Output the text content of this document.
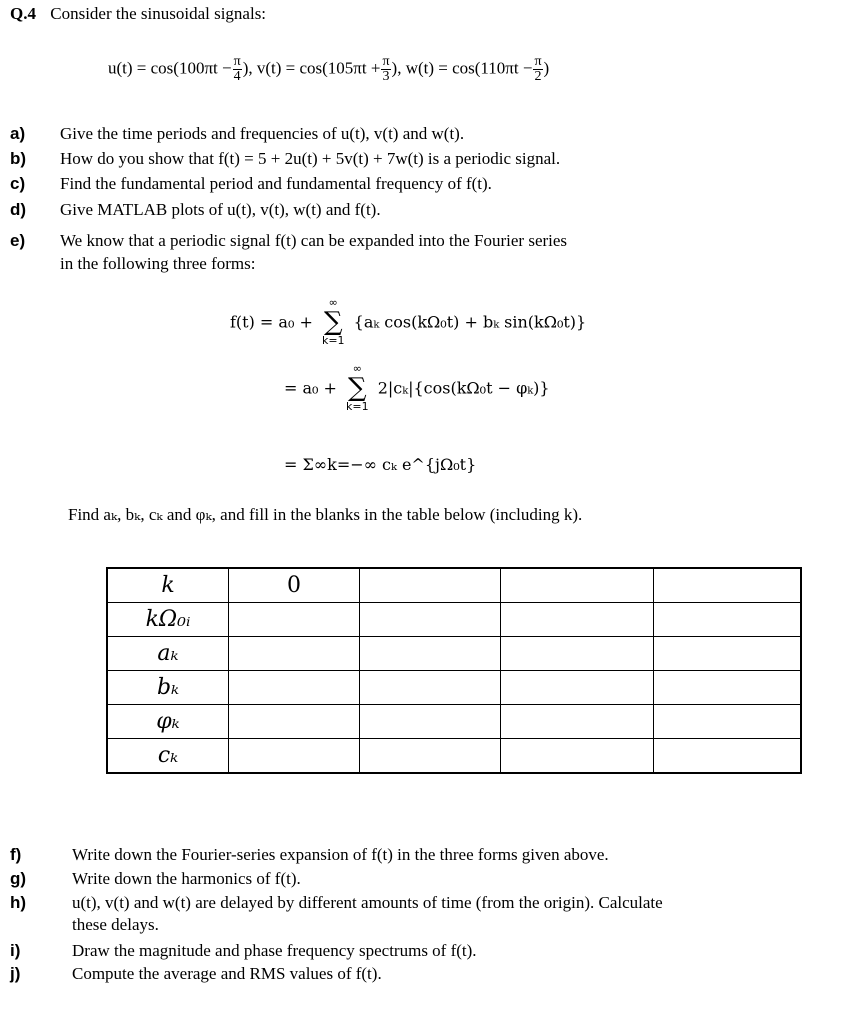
Q.4 Consider the sinusoidal signals:
$u(t) = \cos(100\pi t - \frac{\pi}{4}$ ), $v(t) = \cos(105\pi t + \frac{\pi}{3}$ ), $w(t) = \cos(110\pi t - \frac{\pi}{2}$ )
a) Give the time periods and frequencies of u(t), v(t) and w(t).
b) How do you show that f(t) = 5 + 2u(t) + 5v(t) + 7w(t) is a periodic signal.
c) Find the fundamental period and fundamental frequency of f(t).
d) Give MATLAB plots of u(t), v(t), w(t) and f(t).
e) We know that a periodic signal f(t) can be expanded into the Fourier series
in the following three forms:
f(t) = a₀ +
∞
∑
k=1
{aₖ cos(kΩ₀t) + bₖ sin(kΩ₀t)}
= a₀ +
∞
∑
k=1
2|cₖ|{cos(kΩ₀t − φₖ)}
= Σ∞k=−∞ cₖ e^{jΩ₀t}
Find aₖ, bₖ, cₖ and φₖ, and fill in the blanks in the table below (including k).
k	0			
kΩ₀ᵢ				
aₖ				
bₖ				
φₖ				
cₖ				
f)	Write down the Fourier-series expansion of f(t) in the three forms given above.
g)	Write down the harmonics of f(t).
h)	u(t), v(t) and w(t) are delayed by different amounts of time (from the origin). Calculate
these delays.
i)	Draw the magnitude and phase frequency spectrums of f(t).
j)	Compute the average and RMS values of f(t).
